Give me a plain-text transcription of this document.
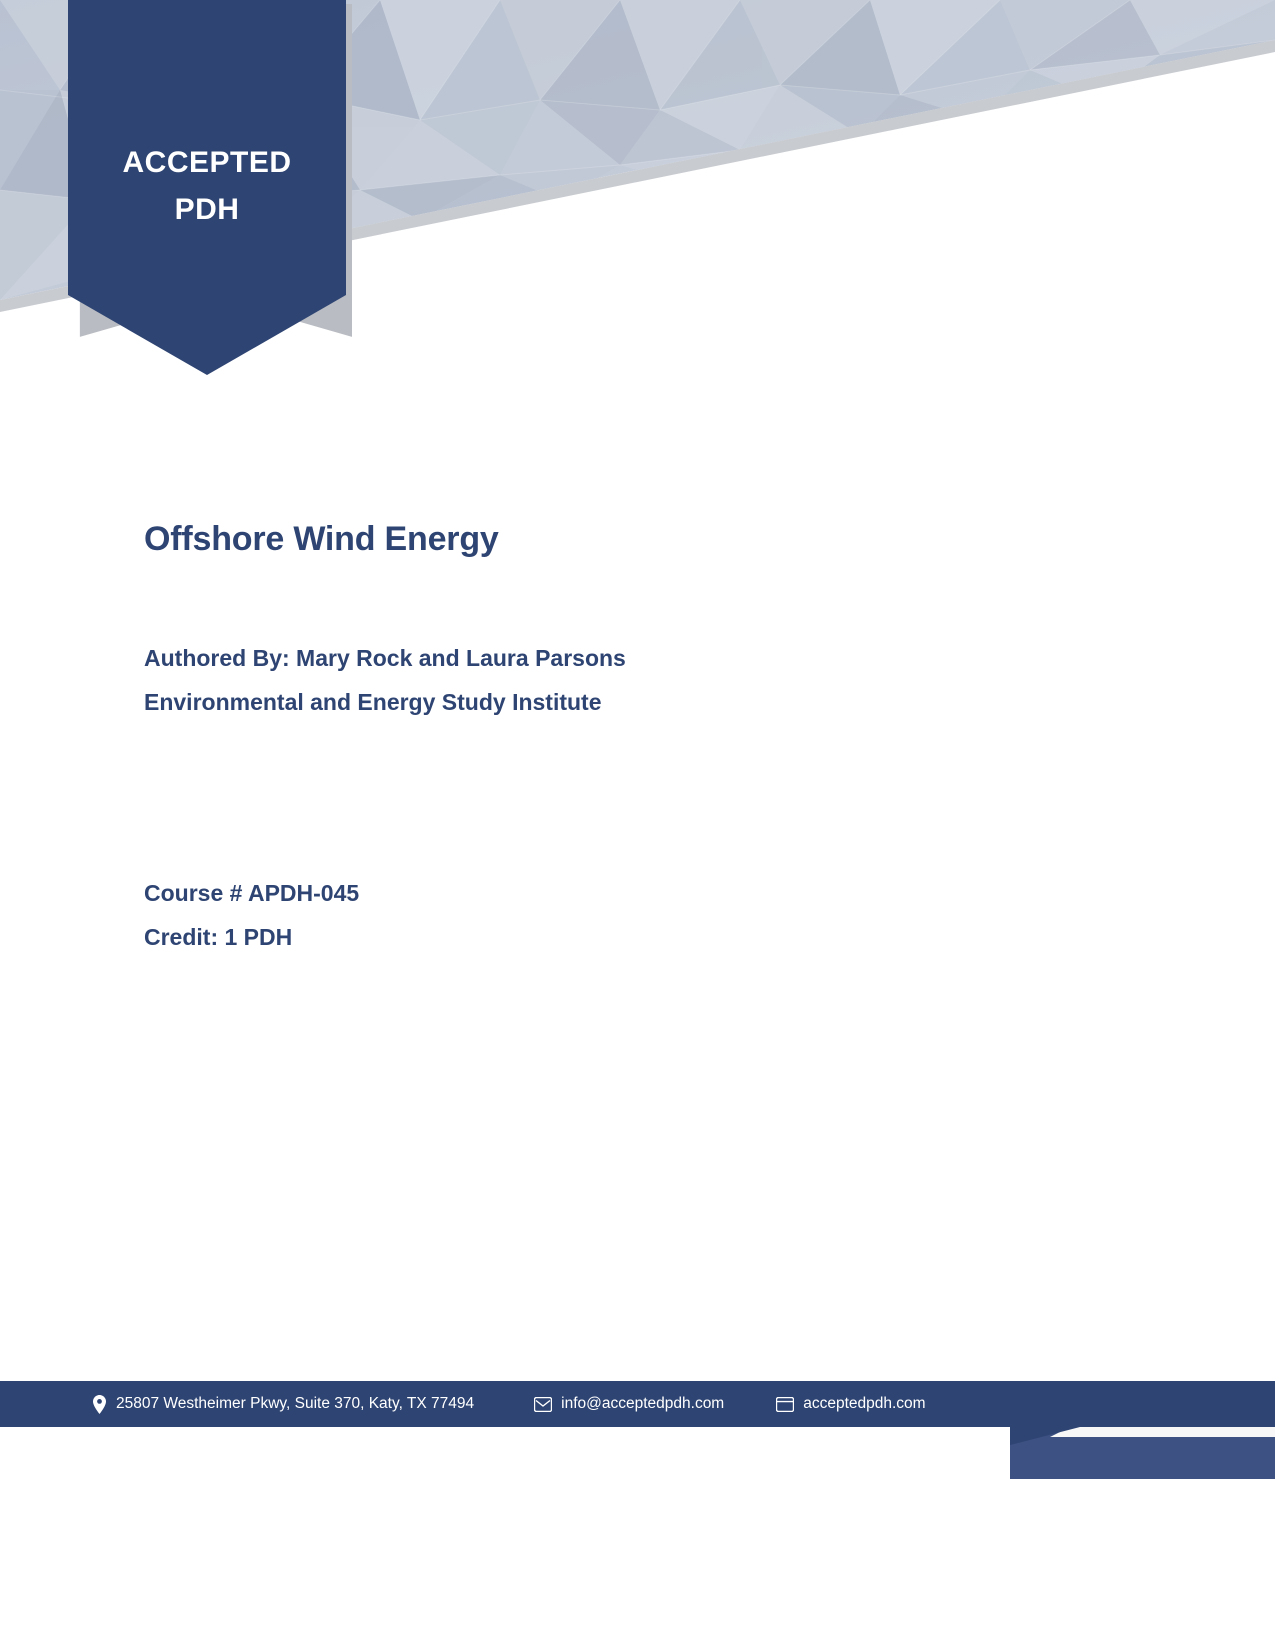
ACCEPTED
PDH
Offshore Wind Energy
Authored By: Mary Rock and Laura Parsons
Environmental and Energy Study Institute
Course # APDH-045
Credit: 1 PDH
25807 Westheimer Pkwy, Suite 370, Katy, TX 77494	info@acceptedpdh.com	acceptedpdh.com
